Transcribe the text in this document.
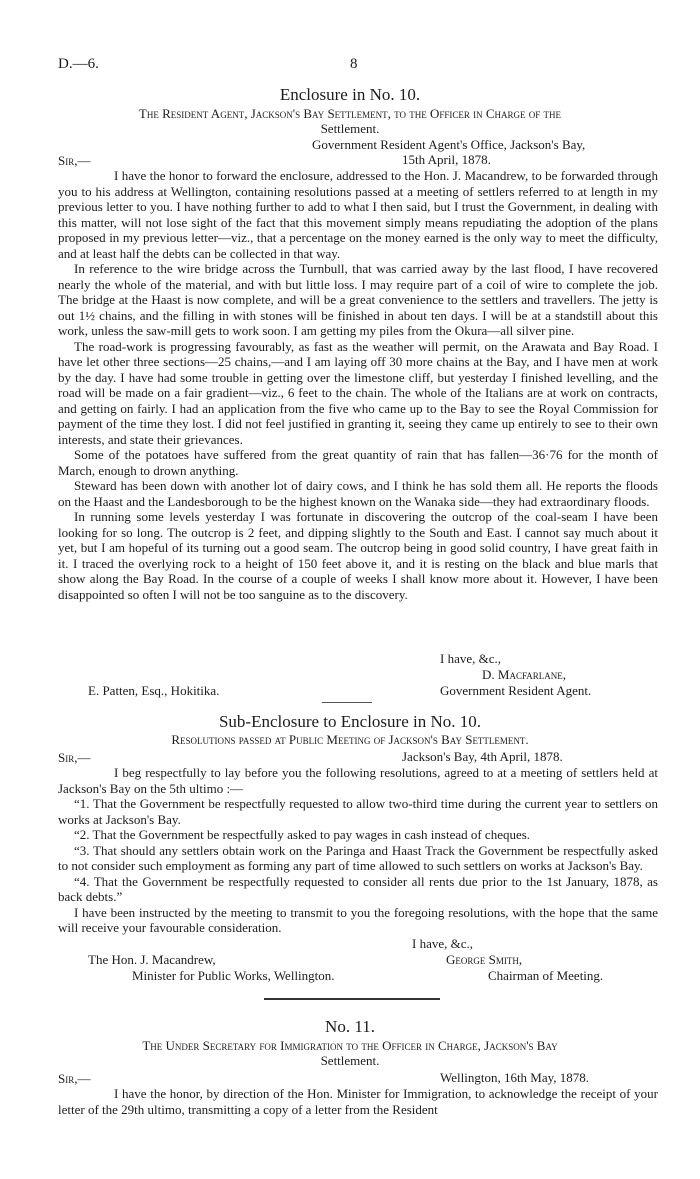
D.—6.	8
Enclosure in No. 10.
The Resident Agent, Jackson's Bay Settlement, to the Officer in Charge of the
Settlement.
Government Resident Agent's Office, Jackson's Bay,
Sir,—	15th April, 1878.

I have the honor to forward the enclosure, addressed to the Hon. J. Macandrew, to be forwarded through you to his address at Wellington, containing resolutions passed at a meeting of settlers referred to at length in my previous letter to you. I have nothing further to add to what I then said, but I trust the Government, in dealing with this matter, will not lose sight of the fact that this movement simply means repudiating the adoption of the plans proposed in my previous letter—viz., that a percentage on the money earned is the only way to meet the difficulty, and at least half the debts can be collected in that way.

In reference to the wire bridge across the Turnbull, that was carried away by the last flood, I have recovered nearly the whole of the material, and with but little loss. I may require part of a coil of wire to complete the job. The bridge at the Haast is now complete, and will be a great convenience to the settlers and travellers. The jetty is out 1½ chains, and the filling in with stones will be finished in about ten days. I will be at a standstill about this work, unless the saw-mill gets to work soon. I am getting my piles from the Okura—all silver pine.

The road-work is progressing favourably, as fast as the weather will permit, on the Arawata and Bay Road. I have let other three sections—25 chains,—and I am laying off 30 more chains at the Bay, and I have men at work by the day. I have had some trouble in getting over the limestone cliff, but yesterday I finished levelling, and the road will be made on a fair gradient—viz., 6 feet to the chain. The whole of the Italians are at work on contracts, and getting on fairly. I had an application from the five who came up to the Bay to see the Royal Commission for payment of the time they lost. I did not feel justified in granting it, seeing they came up entirely to see to their own interests, and state their grievances.

Some of the potatoes have suffered from the great quantity of rain that has fallen—36·76 for the month of March, enough to drown anything.

Steward has been down with another lot of dairy cows, and I think he has sold them all. He reports the floods on the Haast and the Landesborough to be the highest known on the Wanaka side—they had extraordinary floods.

In running some levels yesterday I was fortunate in discovering the outcrop of the coal-seam I have been looking for so long. The outcrop is 2 feet, and dipping slightly to the South and East. I cannot say much about it yet, but I am hopeful of its turning out a good seam. The outcrop being in good solid country, I have great faith in it. I traced the overlying rock to a height of 150 feet above it, and it is resting on the black and blue marls that show along the Bay Road. In the course of a couple of weeks I shall know more about it. However, I have been disappointed so often I will not be too sanguine as to the discovery.

I have, &c.,
D. Macfarlane,
Government Resident Agent.
E. Patten, Esq., Hokitika.
Sub-Enclosure to Enclosure in No. 10.
Resolutions passed at Public Meeting of Jackson's Bay Settlement.
Sir,—	Jackson's Bay, 4th April, 1878.

I beg respectfully to lay before you the following resolutions, agreed to at a meeting of settlers held at Jackson's Bay on the 5th ultimo :—

“1. That the Government be respectfully requested to allow two-third time during the current year to settlers on works at Jackson's Bay.

“2. That the Government be respectfully asked to pay wages in cash instead of cheques.

“3. That should any settlers obtain work on the Paringa and Haast Track the Government be respectfully asked to not consider such employment as forming any part of time allowed to such settlers on works at Jackson's Bay.

“4. That the Government be respectfully requested to consider all rents due prior to the 1st January, 1878, as back debts.”

I have been instructed by the meeting to transmit to you the foregoing resolutions, with the hope that the same will receive your favourable consideration.

I have, &c.,
The Hon. J. Macandrew,	George Smith,
Minister for Public Works, Wellington.	Chairman of Meeting.
No. 11.
The Under Secretary for Immigration to the Officer in Charge, Jackson's Bay
Settlement.
Sir,—	Wellington, 16th May, 1878.

I have the honor, by direction of the Hon. Minister for Immigration, to acknowledge the receipt of your letter of the 29th ultimo, transmitting a copy of a letter from the Resident
